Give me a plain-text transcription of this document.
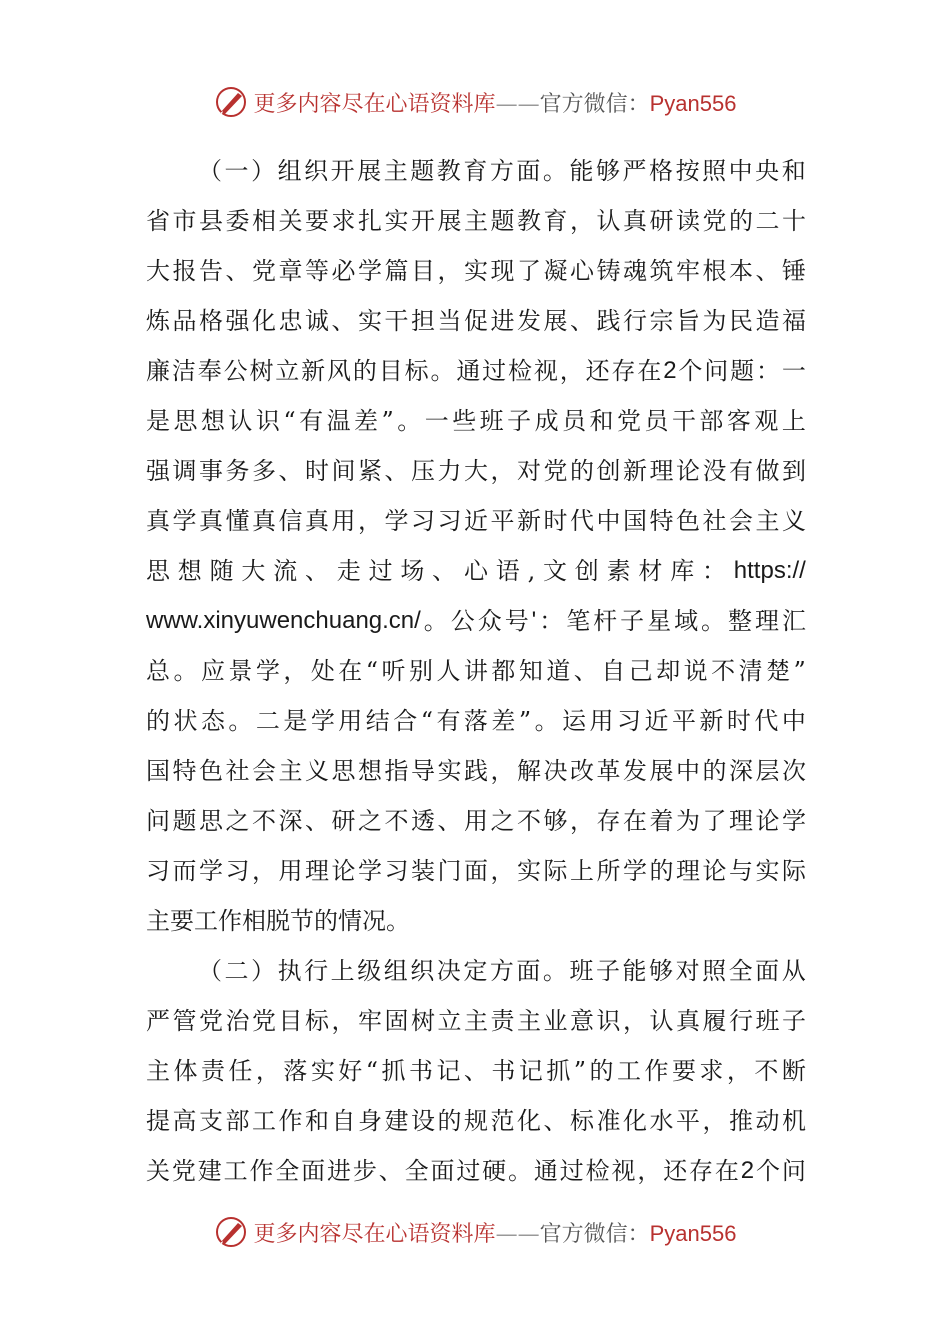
更多内容尽在心语资料库——官方微信：Pyan556
（ 一 ） 组 织 开 展 主 题 教 育 方 面 。 能 够 严 格 按 照 中 央 和
省 市 县 委 相 关 要 求 扎 实 开 展 主 题 教 育 ， 认 真 研 读 党 的 二 十
大 报 告 、 党 章 等 必 学 篇 目 ， 实 现 了 凝 心 铸 魂 筑 牢 根 本 、 锤
炼 品 格 强 化 忠 诚 、 实 干 担 当 促 进 发 展 、 践 行 宗 旨 为 民 造 福
廉 洁 奉 公 树 立 新 风 的 目 标 。 通 过 检 视 ， 还 存 在 2 个 问 题 ： 一
是 思 想 认 识 “ 有 温 差 ” 。 一 些 班 子 成 员 和 党 员 干 部 客 观 上
强 调 事 务 多 、 时 间 紧 、 压 力 大 ， 对 党 的 创 新 理 论 没 有 做 到
真 学 真 懂 真 信 真 用 ， 学 习 习 近 平 新 时 代 中 国 特 色 社 会 主 义
思 想 随 大 流 、 走 过 场 、 心 语 , 文 创 素 材 库 ： https://
www.xinyuwenchuang.cn/ 。 公 众 号 ' ： 笔 杆 子 星 域 。 整 理 汇
总 。 应 景 学 ， 处 在 “ 听 别 人 讲 都 知 道 、 自 己 却 说 不 清 楚 ”
的 状 态 。 二 是 学 用 结 合 “ 有 落 差 ” 。 运 用 习 近 平 新 时 代 中
国 特 色 社 会 主 义 思 想 指 导 实 践 ， 解 决 改 革 发 展 中 的 深 层 次
问 题 思 之 不 深 、 研 之 不 透 、 用 之 不 够 ， 存 在 着 为 了 理 论 学
习 而 学 习 ， 用 理 论 学 习 装 门 面 ， 实 际 上 所 学 的 理 论 与 实 际
主 要 工 作 相 脱 节 的 情 况 。
（ 二 ） 执 行 上 级 组 织 决 定 方 面 。 班 子 能 够 对 照 全 面 从
严 管 党 治 党 目 标 ， 牢 固 树 立 主 责 主 业 意 识 ， 认 真 履 行 班 子
主 体 责 任 ， 落 实 好 “ 抓 书 记 、 书 记 抓 ” 的 工 作 要 求 ， 不 断
提 高 支 部 工 作 和 自 身 建 设 的 规 范 化 、 标 准 化 水 平 ， 推 动 机
关 党 建 工 作 全 面 进 步 、 全 面 过 硬 。 通 过 检 视 ， 还 存 在 2 个 问
更多内容尽在心语资料库——官方微信：Pyan556
